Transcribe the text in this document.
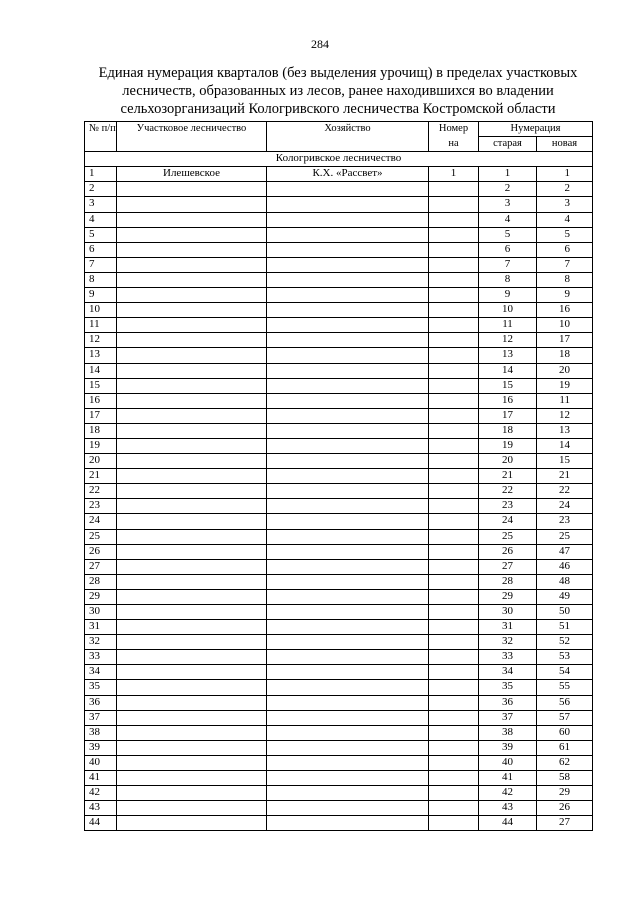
284
Единая нумерация кварталов (без выделения урочищ) в пределах участковых
лесничеств, образованных из лесов, ранее находившихся во владении
сельхозорганизаций Кологривского лесничества Костромской области
№ п/п	Участковое лесничество	Хозяйство	Номер	Нумерация	
			на	старая	новая
Кологривское лесничество					
1	Илешевское	К.Х. «Рассвет»	1	1	1
2				2	2
3				3	3
4				4	4
5				5	5
6				6	6
7				7	7
8				8	8
9				9	9
10				10	16
11				11	10
12				12	17
13				13	18
14				14	20
15				15	19
16				16	11
17				17	12
18				18	13
19				19	14
20				20	15
21				21	21
22				22	22
23				23	24
24				24	23
25				25	25
26				26	47
27				27	46
28				28	48
29				29	49
30				30	50
31				31	51
32				32	52
33				33	53
34				34	54
35				35	55
36				36	56
37				37	57
38				38	60
39				39	61
40				40	62
41				41	58
42				42	29
43				43	26
44				44	27
